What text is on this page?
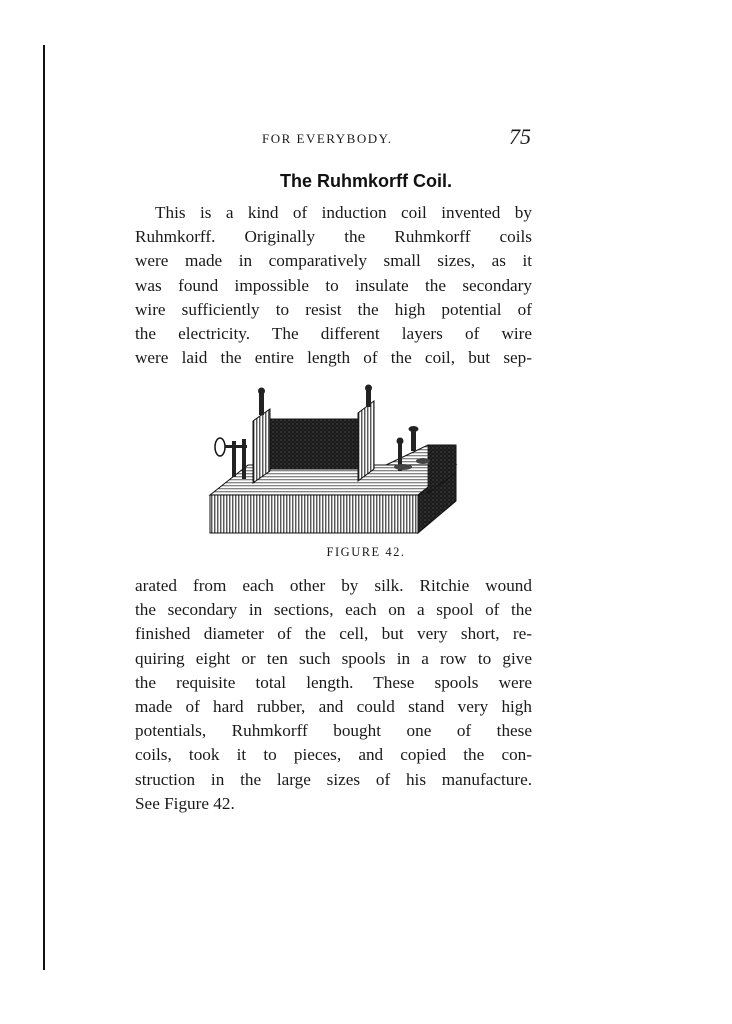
FOR EVERYBODY.	75
The Ruhmkorff Coil.
This is a kind of induction coil invented by
Ruhmkorff. Originally the Ruhmkorff coils
were made in comparatively small sizes, as it
was found impossible to insulate the secondary
wire sufficiently to resist the high potential of
the electricity. The different layers of wire
were laid the entire length of the coil, but sep-
FIGURE 42.
arated from each other by silk. Ritchie wound
the secondary in sections, each on a spool of the
finished diameter of the cell, but very short, re-
quiring eight or ten such spools in a row to give
the requisite total length. These spools were
made of hard rubber, and could stand very high
potentials, Ruhmkorff bought one of these
coils, took it to pieces, and copied the con-
struction in the large sizes of his manufacture.
See Figure 42.
